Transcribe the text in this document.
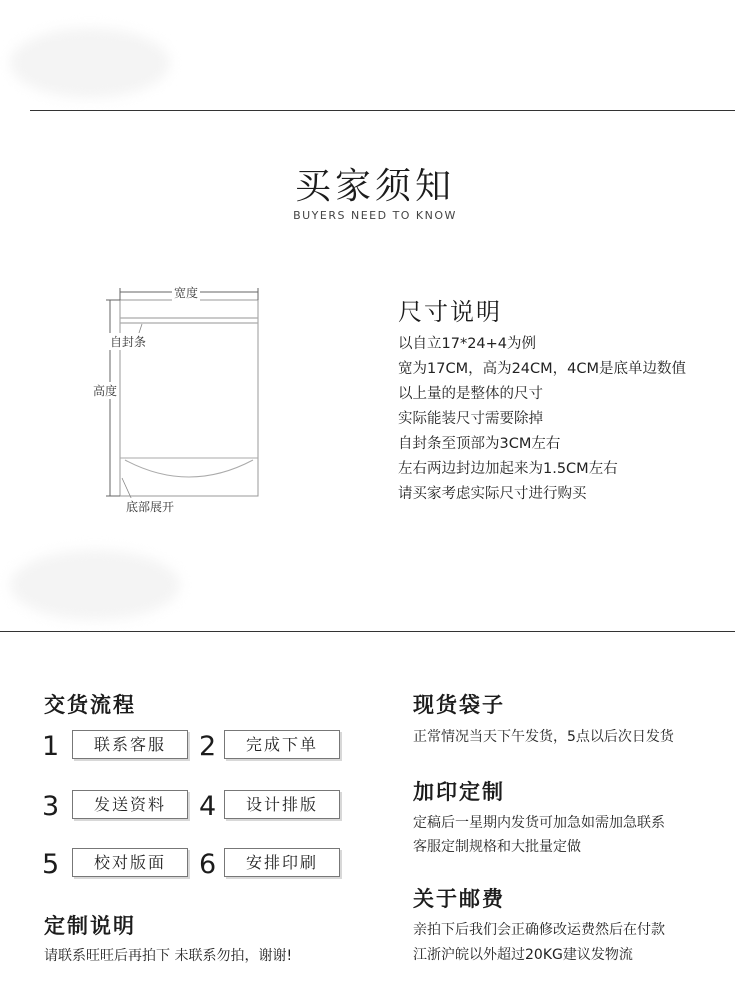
买家须知
BUYERS NEED TO KNOW
宽度
自封条
高度
底部展开
尺寸说明
以自立17*24+4为例
宽为17CM，高为24CM，4CM是底单边数值
以上量的是整体的尺寸
实际能装尺寸需要除掉
自封条至顶部为3CM左右
左右两边封边加起来为1.5CM左右
请买家考虑实际尺寸进行购买
交货流程
1	联系客服	2	完成下单
3	发送资料	4	设计排版
5	校对版面	6	安排印刷
定制说明
请联系旺旺后再拍下 未联系勿拍，谢谢!
现货袋子
正常情况当天下午发货，5点以后次日发货
加印定制
定稿后一星期内发货可加急如需加急联系
客服定制规格和大批量定做
关于邮费
亲拍下后我们会正确修改运费然后在付款
江浙沪皖以外超过20KG建议发物流
